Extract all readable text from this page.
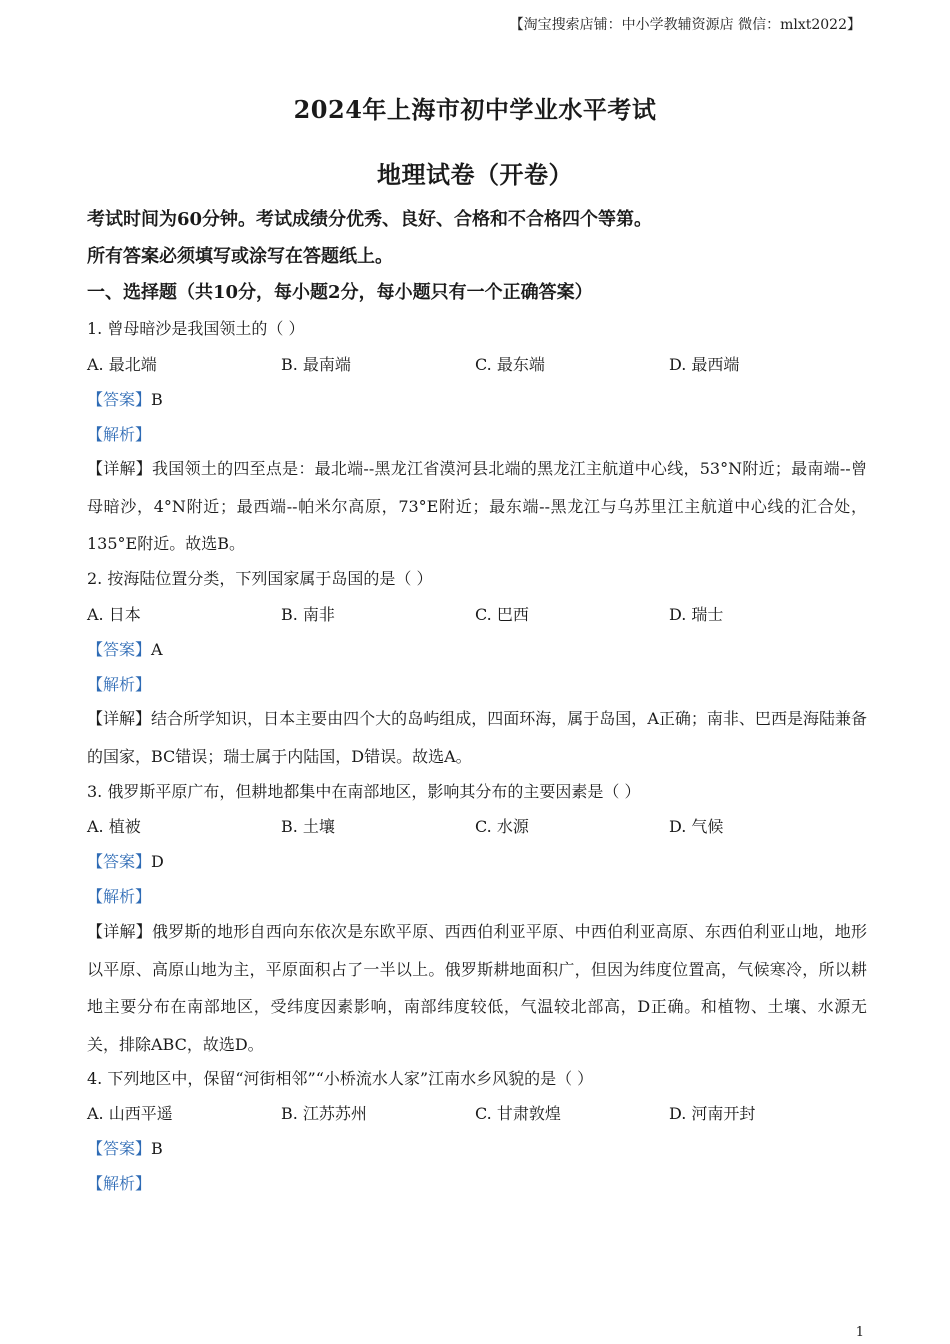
【淘宝搜索店铺：中小学教辅资源店 微信：mlxt2022】
2024年上海市初中学业水平考试
地理试卷（开卷）
考试时间为60分钟。考试成绩分优秀、良好、合格和不合格四个等第。
所有答案必须填写或涂写在答题纸上。
一、选择题（共10分，每小题2分，每小题只有一个正确答案）
1. 曾母暗沙是我国领土的（ ）
A. 最北端	B. 最南端	C. 最东端	D. 最西端
【答案】B
【解析】
【详解】我国领土的四至点是：最北端--黑龙江省漠河县北端的黑龙江主航道中心线，53°N附近；最南端--曾母暗沙，4°N附近；最西端--帕米尔高原，73°E附近；最东端--黑龙江与乌苏里江主航道中心线的汇合处，135°E附近。故选B。
2. 按海陆位置分类，下列国家属于岛国的是（ ）
A. 日本	B. 南非	C. 巴西	D. 瑞士
【答案】A
【解析】
【详解】结合所学知识，日本主要由四个大的岛屿组成，四面环海，属于岛国，A正确；南非、巴西是海陆兼备的国家，BC错误；瑞士属于内陆国，D错误。故选A。
3. 俄罗斯平原广布，但耕地都集中在南部地区，影响其分布的主要因素是（ ）
A. 植被	B. 土壤	C. 水源	D. 气候
【答案】D
【解析】
【详解】俄罗斯的地形自西向东依次是东欧平原、西西伯利亚平原、中西伯利亚高原、东西伯利亚山地，地形以平原、高原山地为主，平原面积占了一半以上。俄罗斯耕地面积广，但因为纬度位置高，气候寒冷，所以耕地主要分布在南部地区，受纬度因素影响，南部纬度较低，气温较北部高，D正确。和植物、土壤、水源无关，排除ABC，故选D。
4. 下列地区中，保留“河街相邻”“小桥流水人家”江南水乡风貌的是（ ）
A. 山西平遥	B. 江苏苏州	C. 甘肃敦煌	D. 河南开封
【答案】B
【解析】
1
